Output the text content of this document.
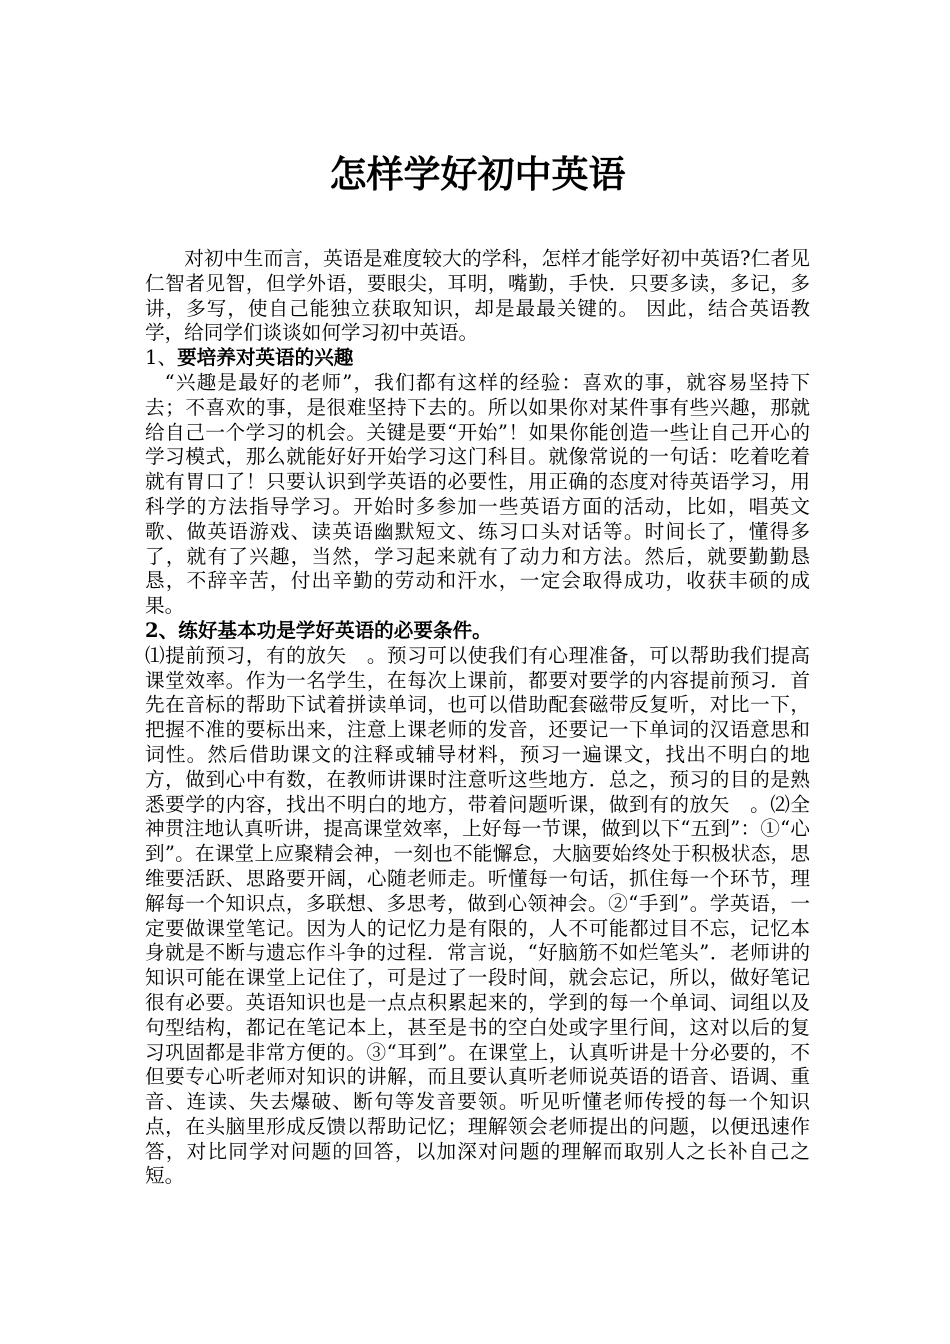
怎样学好初中英语

对初中生而言，英语是难度较大的学科，怎样才能学好初中英语?仁者见仁智者见智，但学外语，要眼尖，耳明，嘴勤，手快．只要多读，多记，多讲，多写，使自己能独立获取知识，却是最最关键的。 因此，结合英语教学，给同学们谈谈如何学习初中英语。

1、要培养对英语的兴趣

“兴趣是最好的老师”，我们都有这样的经验：喜欢的事，就容易坚持下去；不喜欢的事，是很难坚持下去的。所以如果你对某件事有些兴趣，那就给自己一个学习的机会。关键是要“开始”！如果你能创造一些让自己开心的学习模式，那么就能好好开始学习这门科目。就像常说的一句话：吃着吃着就有胃口了！只要认识到学英语的必要性，用正确的态度对待英语学习，用科学的方法指导学习。开始时多参加一些英语方面的活动，比如，唱英文歌、做英语游戏、读英语幽默短文、练习口头对话等。时间长了，懂得多了，就有了兴趣，当然，学习起来就有了动力和方法。然后，就要勤勤恳恳，不辞辛苦，付出辛勤的劳动和汗水，一定会取得成功，收获丰硕的成果。

2、练好基本功是学好英语的必要条件。

⑴提前预习，有的放矢　。预习可以使我们有心理准备，可以帮助我们提高课堂效率。作为一名学生，在每次上课前，都要对要学的内容提前预习．首先在音标的帮助下试着拼读单词，也可以借助配套磁带反复听，对比一下，把握不准的要标出来，注意上课老师的发音，还要记一下单词的汉语意思和词性。然后借助课文的注释或辅导材料，预习一遍课文，找出不明白的地方，做到心中有数，在教师讲课时注意听这些地方．总之，预习的目的是熟悉要学的内容，找出不明白的地方，带着问题听课，做到有的放矢　。⑵全神贯注地认真听讲，提高课堂效率，上好每一节课，做到以下“五到”：①“心到”。在课堂上应聚精会神，一刻也不能懈怠，大脑要始终处于积极状态，思维要活跃、思路要开阔，心随老师走。听懂每一句话，抓住每一个环节，理解每一个知识点，多联想、多思考，做到心领神会。②“手到”。学英语，一定要做课堂笔记。因为人的记忆力是有限的，人不可能都过目不忘，记忆本身就是不断与遗忘作斗争的过程．常言说，“好脑筋不如烂笔头”．老师讲的知识可能在课堂上记住了，可是过了一段时间，就会忘记，所以，做好笔记很有必要。英语知识也是一点点积累起来的，学到的每一个单词、词组以及句型结构，都记在笔记本上，甚至是书的空白处或字里行间，这对以后的复习巩固都是非常方便的。③“耳到”。在课堂上，认真听讲是十分必要的，不但要专心听老师对知识的讲解，而且要认真听老师说英语的语音、语调、重音、连读、失去爆破、断句等发音要领。听见听懂老师传授的每一个知识点，在头脑里形成反馈以帮助记忆；理解领会老师提出的问题，以便迅速作答，对比同学对问题的回答，以加深对问题的理解而取别人之长补自己之短。
